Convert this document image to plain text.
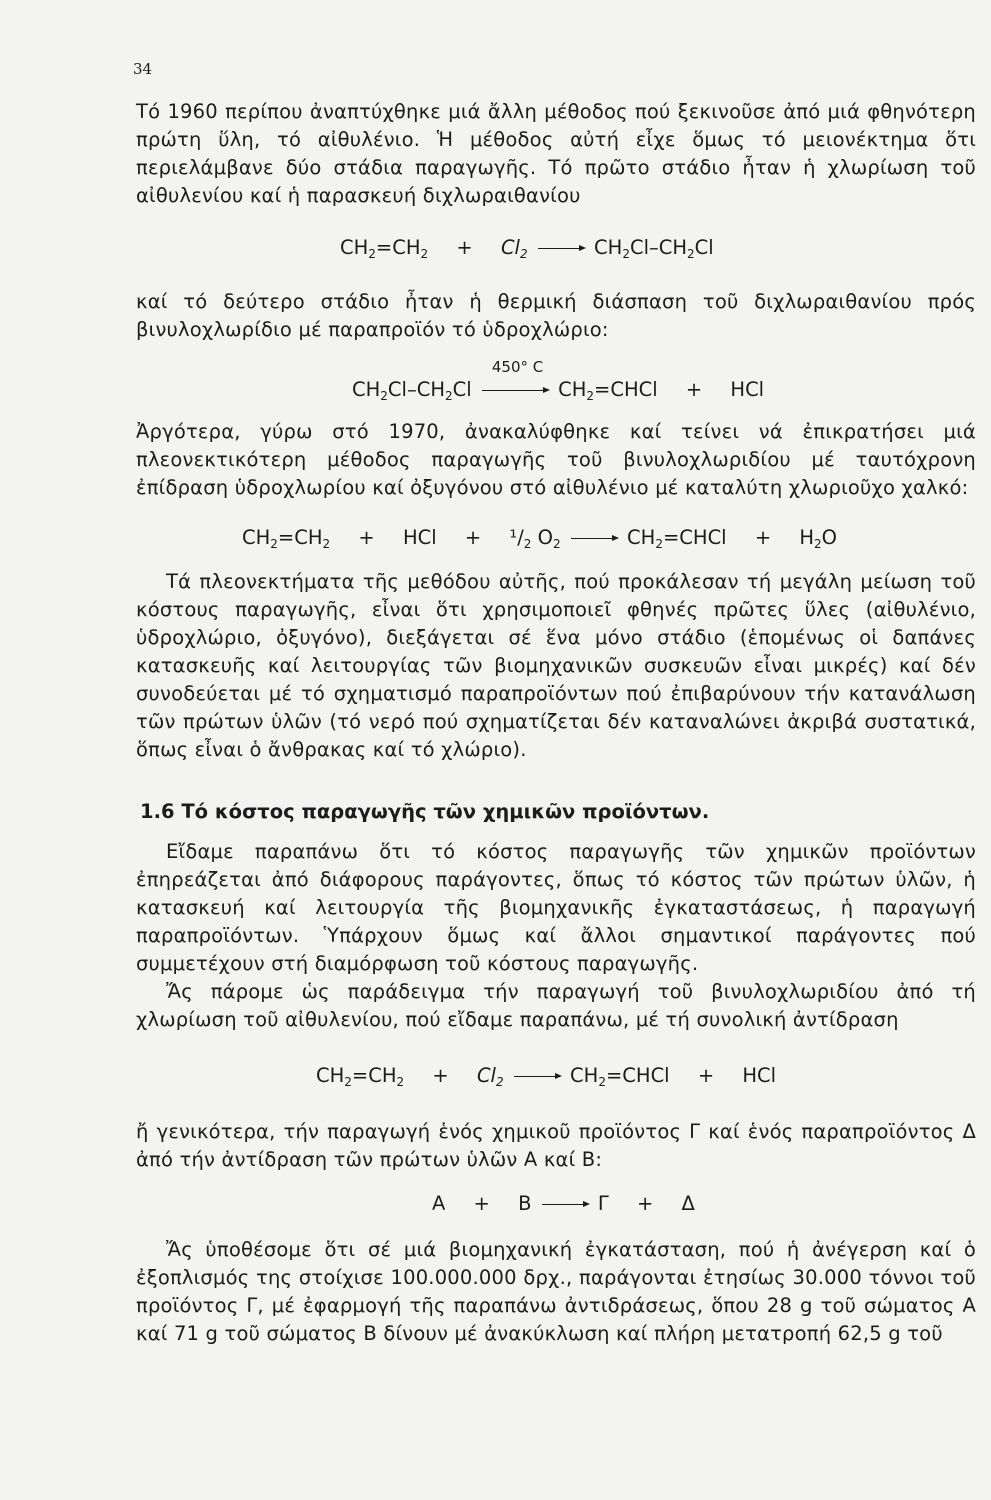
34
Τό 1960 περίπου ἀναπτύχθηκε μιά ἄλλη μέθοδος πού ξεκινοῦσε ἀπό μιά φθηνότερη πρώτη ὕλη, τό αἰθυλένιο. Ἡ μέθοδος αὐτή εἶχε ὅμως τό μειονέκτημα ὅτι περιελάμβανε δύο στάδια παραγωγῆς. Τό πρῶτο στάδιο ἦταν ἡ χλωρίωση τοῦ αἰθυλενίου καί ἡ παρασκευή διχλωραιθανίου
$CH_2=CH_2 + Cl_2$	$CH_2Cl-CH_2Cl$
καί τό δεύτερο στάδιο ἦταν ἡ θερμική διάσπαση τοῦ διχλωραιθανίου πρός βινυλοχλωρίδιο μέ παραπροϊόν τό ὑδροχλώριο:
$CH_2Cl-CH_2Cl$
450° C
$CH_2=CHCl$ + HCl
Ἀργότερα, γύρω στό 1970, ἀνακαλύφθηκε καί τείνει νά ἐπικρατήσει μιά πλεονεκτικότερη μέθοδος παραγωγῆς τοῦ βινυλοχλωριδίου μέ ταυτόχρονη ἐπίδραση ὑδροχλωρίου καί ὀξυγόνου στό αἰθυλένιο μέ καταλύτη χλωριοῦχο χαλκό:
$CH_2=CH_2$ + HCl + $^1/_2$ $O_2$	$CH_2=CHCl + H_2O$
Τά πλεονεκτήματα τῆς μεθόδου αὐτῆς, πού προκάλεσαν τή μεγάλη μείωση τοῦ κόστους παραγωγῆς, εἶναι ὅτι χρησιμοποιεῖ φθηνές πρῶτες ὕλες (αἰθυλένιο, ὑδροχλώριο, ὀξυγόνο), διεξάγεται σέ ἕνα μόνο στάδιο (ἑπομένως οἱ δαπάνες κατασκευῆς καί λειτουργίας τῶν βιομηχανικῶν συσκευῶν εἶναι μικρές) καί δέν συνοδεύεται μέ τό σχηματισμό παραπροϊόντων πού ἐπιβαρύνουν τήν κατανάλωση τῶν πρώτων ὑλῶν (τό νερό πού σχηματίζεται δέν καταναλώνει ἀκριβά συστατικά, ὅπως εἶναι ὁ ἄνθρακας καί τό χλώριο).
1.6 Τό κόστος παραγωγῆς τῶν χημικῶν προϊόντων.
Εἴδαμε παραπάνω ὅτι τό κόστος παραγωγῆς τῶν χημικῶν προϊόντων ἐπηρεάζεται ἀπό διάφορους παράγοντες, ὅπως τό κόστος τῶν πρώτων ὑλῶν, ἡ κατασκευή καί λειτουργία τῆς βιομηχανικῆς ἐγκαταστάσεως, ἡ παραγωγή παραπροϊόντων. Ὑπάρχουν ὅμως καί ἄλλοι σημαντικοί παράγοντες πού συμμετέχουν στή διαμόρφωση τοῦ κόστους παραγωγῆς.
Ἄς πάρομε ὡς παράδειγμα τήν παραγωγή τοῦ βινυλοχλωριδίου ἀπό τή χλωρίωση τοῦ αἰθυλενίου, πού εἴδαμε παραπάνω, μέ τή συνολική ἀντίδραση
$CH_2=CH_2 + Cl_2$	$CH_2=CHCl$ + HCl
ἤ γενικότερα, τήν παραγωγή ἑνός χημικοῦ προϊόντος Γ καί ἑνός παραπροϊόντος Δ ἀπό τήν ἀντίδραση τῶν πρώτων ὑλῶν Α καί Β:
Α + Β	Γ + Δ
Ἄς ὑποθέσομε ὅτι σέ μιά βιομηχανική ἐγκατάσταση, πού ἡ ἀνέγερση καί ὁ ἐξοπλισμός της στοίχισε 100.000.000 δρχ., παράγονται ἐτησίως 30.000 τόννοι τοῦ προϊόντος Γ, μέ ἐφαρμογή τῆς παραπάνω ἀντιδράσεως, ὅπου 28 g τοῦ σώματος Α καί 71 g τοῦ σώματος Β δίνουν μέ ἀνακύκλωση καί πλήρη μετατροπή 62,5 g τοῦ
